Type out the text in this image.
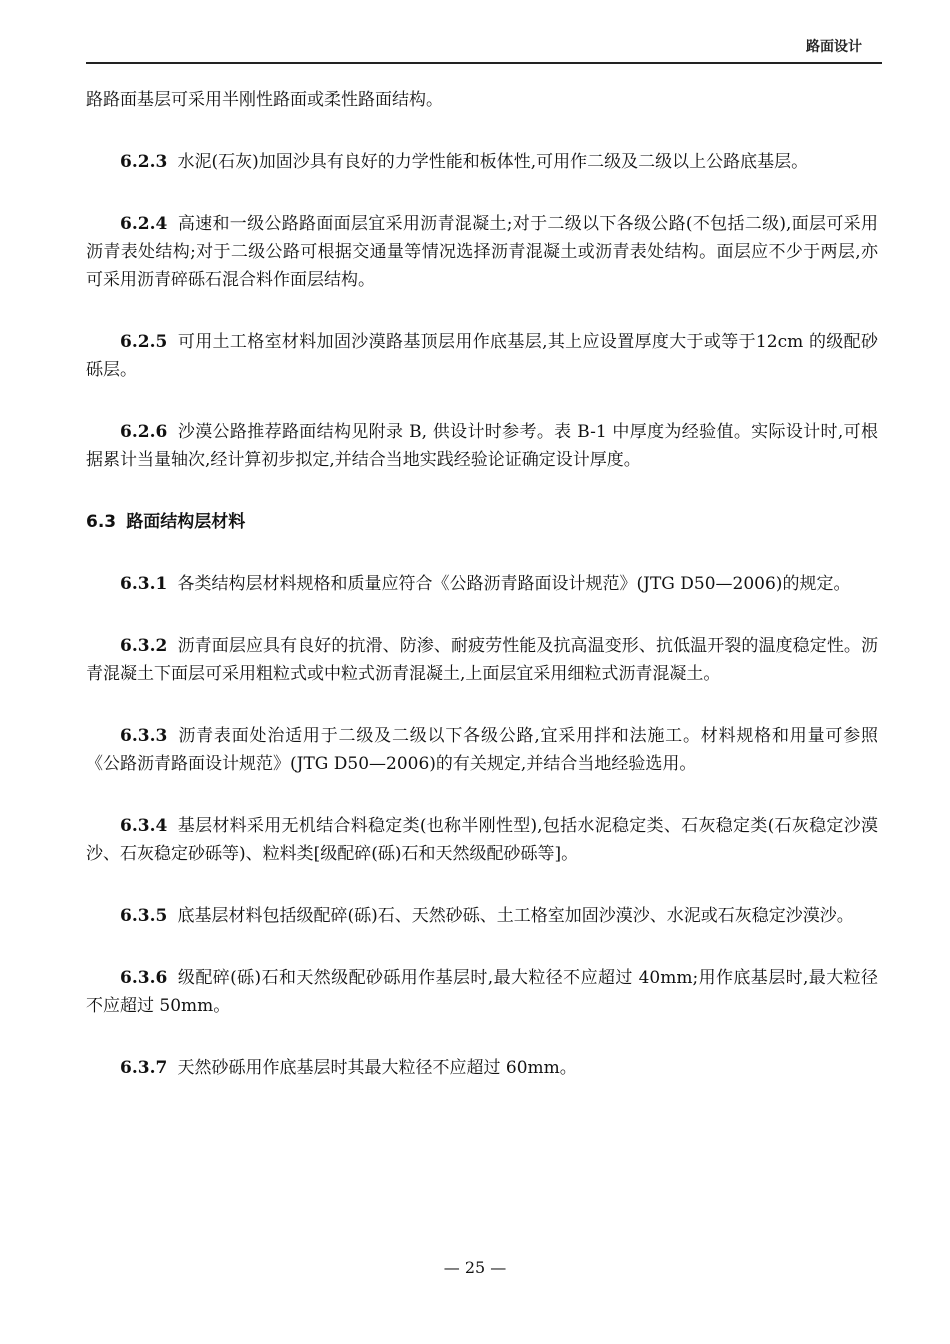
路面设计

路路面基层可采用半刚性路面或柔性路面结构。

6.2.3 水泥(石灰)加固沙具有良好的力学性能和板体性,可用作二级及二级以上公路底基层。

6.2.4 高速和一级公路路面面层宜采用沥青混凝土;对于二级以下各级公路(不包括二级),面层可采用沥青表处结构;对于二级公路可根据交通量等情况选择沥青混凝土或沥青表处结构。面层应不少于两层,亦可采用沥青碎砾石混合料作面层结构。

6.2.5 可用土工格室材料加固沙漠路基顶层用作底基层,其上应设置厚度大于或等于12cm 的级配砂砾层。

6.2.6 沙漠公路推荐路面结构见附录 B, 供设计时参考。表 B-1 中厚度为经验值。实际设计时,可根据累计当量轴次,经计算初步拟定,并结合当地实践经验论证确定设计厚度。

6.3 路面结构层材料

6.3.1 各类结构层材料规格和质量应符合《公路沥青路面设计规范》(JTG D50—2006)的规定。

6.3.2 沥青面层应具有良好的抗滑、防渗、耐疲劳性能及抗高温变形、抗低温开裂的温度稳定性。沥青混凝土下面层可采用粗粒式或中粒式沥青混凝土,上面层宜采用细粒式沥青混凝土。

6.3.3 沥青表面处治适用于二级及二级以下各级公路,宜采用拌和法施工。材料规格和用量可参照《公路沥青路面设计规范》(JTG D50—2006)的有关规定,并结合当地经验选用。

6.3.4 基层材料采用无机结合料稳定类(也称半刚性型),包括水泥稳定类、石灰稳定类(石灰稳定沙漠沙、石灰稳定砂砾等)、粒料类[级配碎(砾)石和天然级配砂砾等]。

6.3.5 底基层材料包括级配碎(砾)石、天然砂砾、土工格室加固沙漠沙、水泥或石灰稳定沙漠沙。

6.3.6 级配碎(砾)石和天然级配砂砾用作基层时,最大粒径不应超过 40mm;用作底基层时,最大粒径不应超过 50mm。

6.3.7 天然砂砾用作底基层时其最大粒径不应超过 60mm。

— 25 —
